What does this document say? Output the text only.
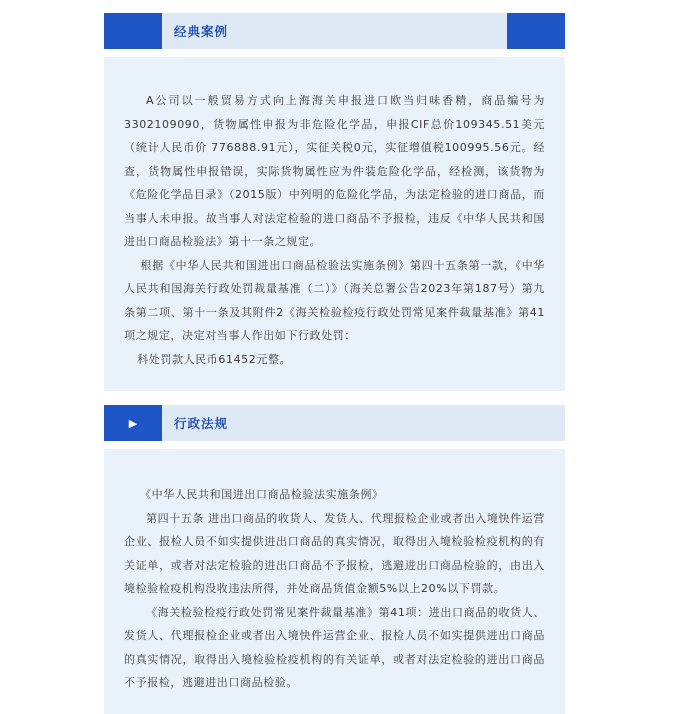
经典案例

A公司以一般贸易方式向上海海关申报进口欧当归味香精，商品编号为3302109090，货物属性申报为非危险化学品，申报CIF总价109345.51美元（统计人民币价 776888.91元），实征关税0元，实征增值税100995.56元。经查，货物属性申报错误，实际货物属性应为件装危险化学品，经检测，该货物为《危险化学品目录》（2015版）中列明的危险化学品，为法定检验的进口商品，而当事人未申报。故当事人对法定检验的进口商品不予报检，违反《中华人民共和国进出口商品检验法》第十一条之规定。

根据《中华人民共和国进出口商品检验法实施条例》第四十五条第一款，《中华人民共和国海关行政处罚裁量基准（二）》（海关总署公告2023年第187号）第九条第二项、第十一条及其附件2《海关检验检疫行政处罚常见案件裁量基准》第41项之规定，决定对当事人作出如下行政处罚：

科处罚款人民币61452元整。

▶	行政法规

《中华人民共和国进出口商品检验法实施条例》

第四十五条 进出口商品的收货人、发货人、代理报检企业或者出入境快件运营企业、报检人员不如实提供进出口商品的真实情况，取得出入境检验检疫机构的有关证单，或者对法定检验的进出口商品不予报检，逃避进出口商品检验的，由出入境检验检疫机构没收违法所得，并处商品货值金额5%以上20%以下罚款。

《海关检验检疫行政处罚常见案件裁量基准》第41项：进出口商品的收货人、发货人、代理报检企业或者出入境快件运营企业、报检人员不如实提供进出口商品的真实情况，取得出入境检验检疫机构的有关证单，或者对法定检验的进出口商品不予报检，逃避进出口商品检验。
